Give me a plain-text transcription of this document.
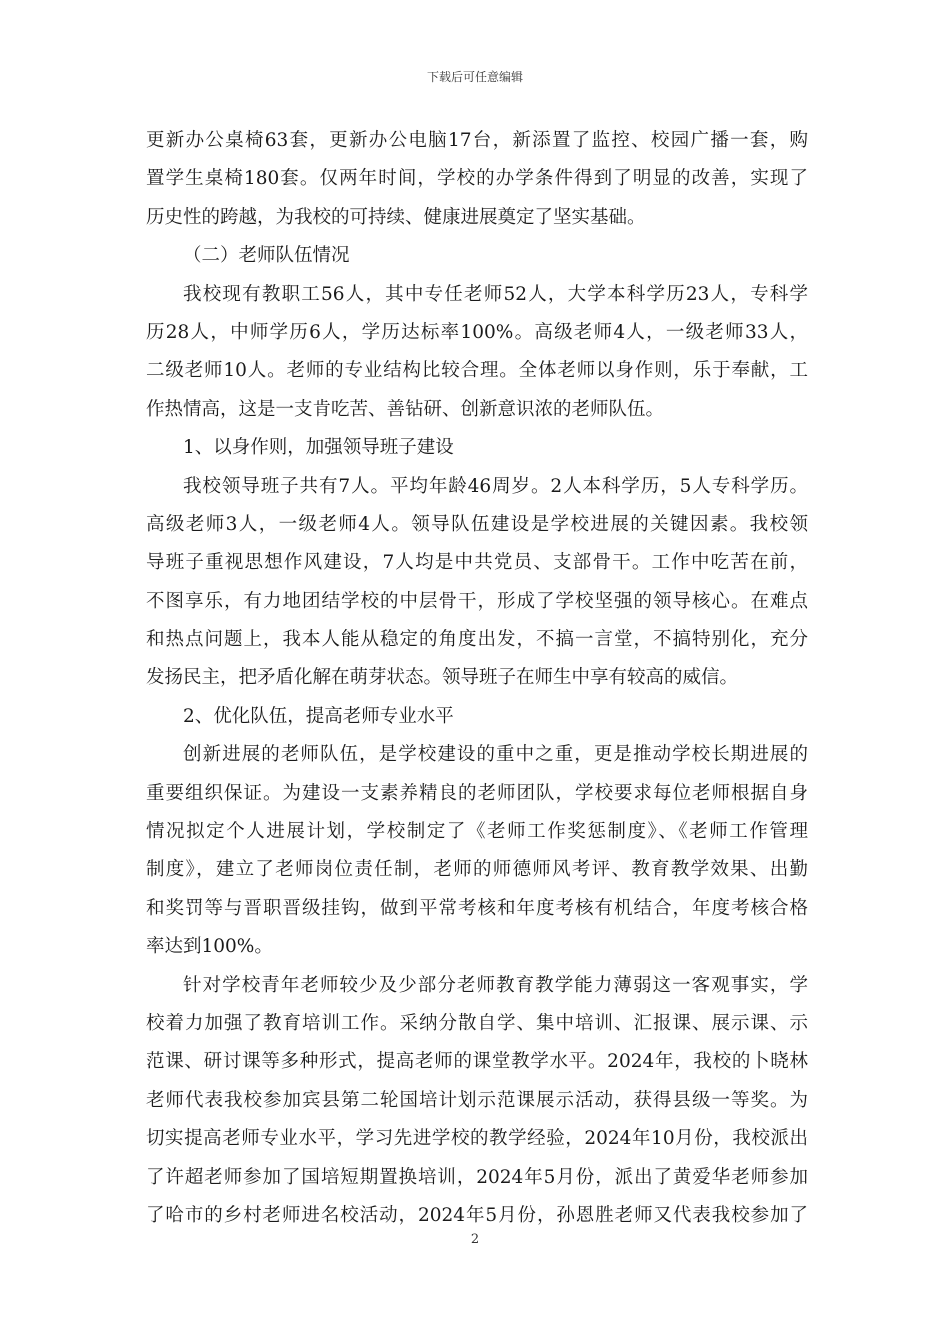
下载后可任意编辑
更新办公桌椅63套，更新办公电脑17台，新添置了监控、校园广播一套，购
置学生桌椅180套。仅两年时间，学校的办学条件得到了明显的改善，实现了
历史性的跨越，为我校的可持续、健康进展奠定了坚实基础。
（二）老师队伍情况
我校现有教职工56人，其中专任老师52人，大学本科学历23人，专科学
历28人，中师学历6人，学历达标率100%。高级老师4人，一级老师33人，
二级老师10人。老师的专业结构比较合理。全体老师以身作则，乐于奉献，工
作热情高，这是一支肯吃苦、善钻研、创新意识浓的老师队伍。
1、以身作则，加强领导班子建设
我校领导班子共有7人。平均年龄46周岁。2人本科学历，5人专科学历。
高级老师3人，一级老师4人。领导队伍建设是学校进展的关键因素。我校领
导班子重视思想作风建设，7人均是中共党员、支部骨干。工作中吃苦在前，
不图享乐，有力地团结学校的中层骨干，形成了学校坚强的领导核心。在难点
和热点问题上，我本人能从稳定的角度出发，不搞一言堂，不搞特别化，充分
发扬民主，把矛盾化解在萌芽状态。领导班子在师生中享有较高的威信。
2、优化队伍，提高老师专业水平
创新进展的老师队伍，是学校建设的重中之重，更是推动学校长期进展的
重要组织保证。为建设一支素养精良的老师团队，学校要求每位老师根据自身
情况拟定个人进展计划，学校制定了《老师工作奖惩制度》、《老师工作管理
制度》，建立了老师岗位责任制，老师的师德师风考评、教育教学效果、出勤
和奖罚等与晋职晋级挂钩，做到平常考核和年度考核有机结合，年度考核合格
率达到100%。
针对学校青年老师较少及少部分老师教育教学能力薄弱这一客观事实，学
校着力加强了教育培训工作。采纳分散自学、集中培训、汇报课、展示课、示
范课、研讨课等多种形式，提高老师的课堂教学水平。2024年，我校的卜晓林
老师代表我校参加宾县第二轮国培计划示范课展示活动，获得县级一等奖。为
切实提高老师专业水平，学习先进学校的教学经验，2024年10月份，我校派出
了许超老师参加了国培短期置换培训，2024年5月份，派出了黄爱华老师参加
了哈市的乡村老师进名校活动，2024年5月份，孙恩胜老师又代表我校参加了
2
